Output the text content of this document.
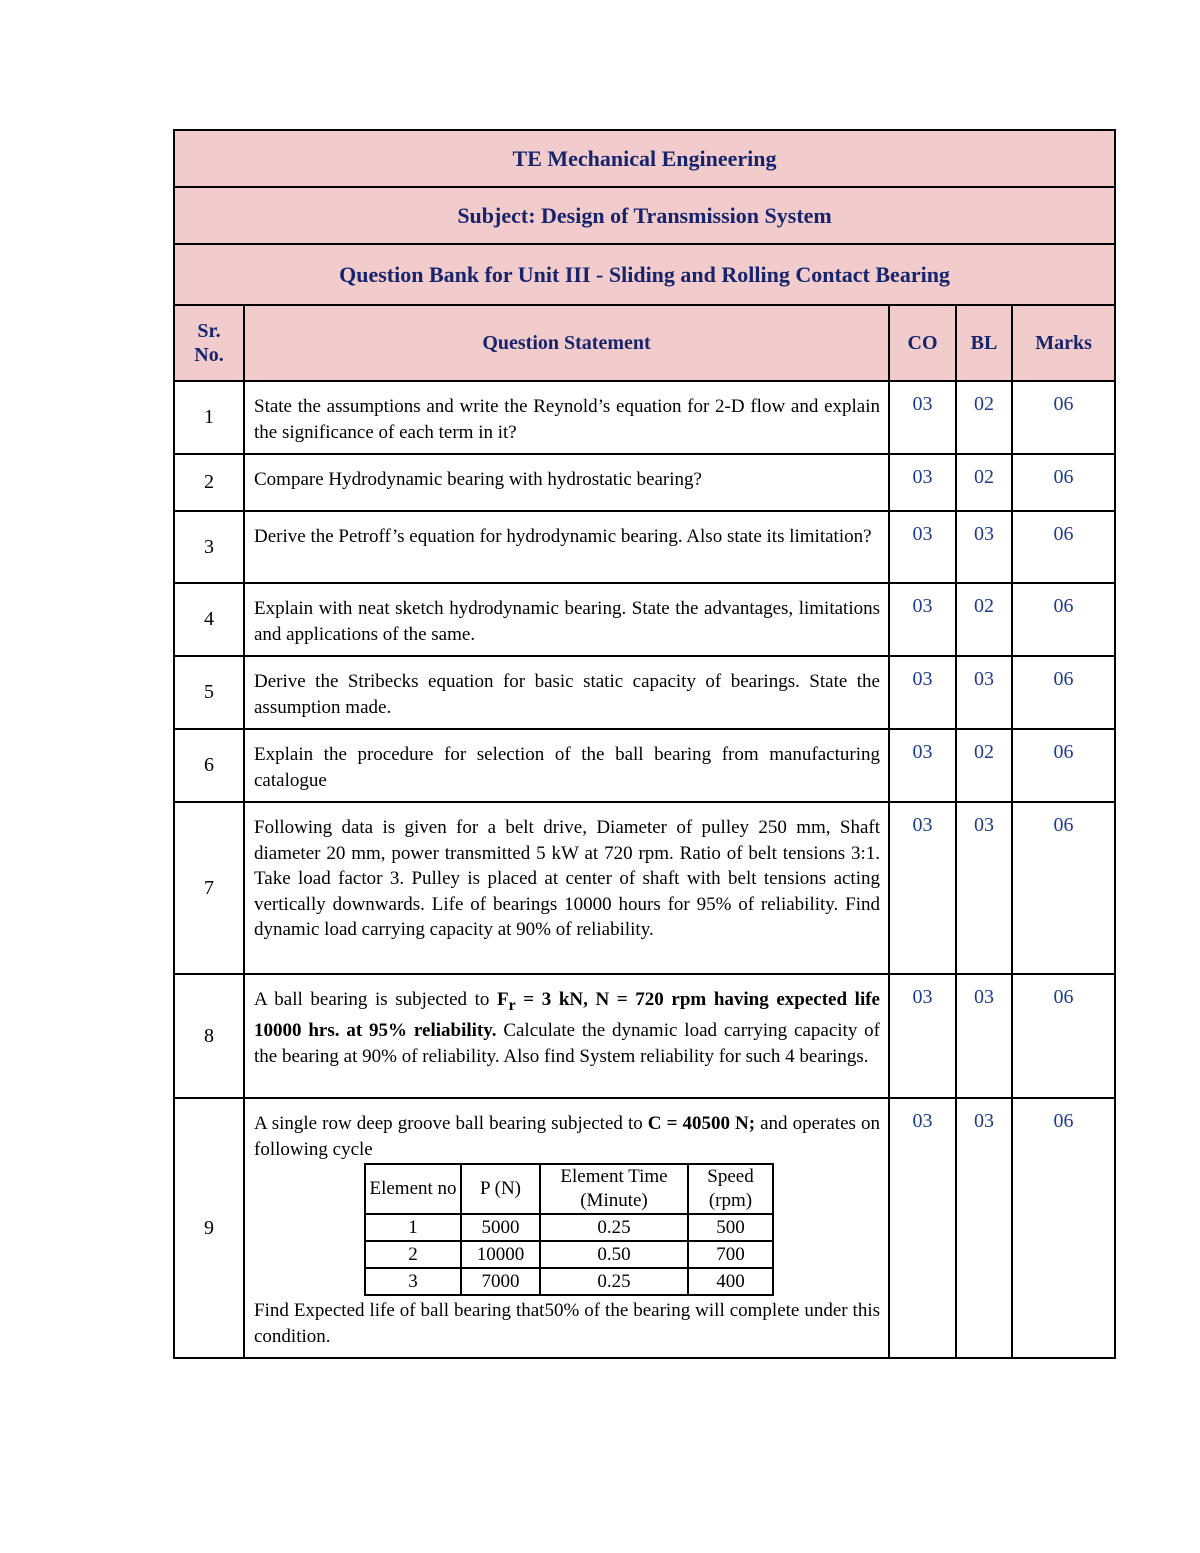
TE Mechanical Engineering
Subject: Design of Transmission System
Question Bank for Unit III - Sliding and Rolling Contact Bearing
Sr. No.	Question Statement	CO	BL	Marks
1	State the assumptions and write the Reynold’s equation for 2-D flow and explain the significance of each term in it?	03	02	06
2	Compare Hydrodynamic bearing with hydrostatic bearing?	03	02	06
3	Derive the Petroff’s equation for hydrodynamic bearing. Also state its limitation?	03	03	06
4	Explain with neat sketch hydrodynamic bearing. State the advantages, limitations and applications of the same.	03	02	06
5	Derive the Stribecks equation for basic static capacity of bearings. State the assumption made.	03	03	06
6	Explain the procedure for selection of the ball bearing from manufacturing catalogue	03	02	06
7	Following data is given for a belt drive, Diameter of pulley 250 mm, Shaft diameter 20 mm, power transmitted 5 kW at 720 rpm. Ratio of belt tensions 3:1. Take load factor 3. Pulley is placed at center of shaft with belt tensions acting vertically downwards. Life of bearings 10000 hours for 95% of reliability. Find dynamic load carrying capacity at 90% of reliability.	03	03	06
8	A ball bearing is subjected to $F_r = 3$ kN, N = 720 rpm having expected life 10000 hrs. at 95% reliability. Calculate the dynamic load carrying capacity of the bearing at 90% of reliability. Also find System reliability for such 4 bearings.	03	03	06
9	A single row deep groove ball bearing subjected to C = 40500 N; and operates on following cycle
Element no	P (N)	Element Time (Minute)	Speed (rpm)
1	5000	0.25	500
2	10000	0.50	700
3	7000	0.25	400
Find Expected life of ball bearing that50% of the bearing will complete under this condition.	03	03	06
